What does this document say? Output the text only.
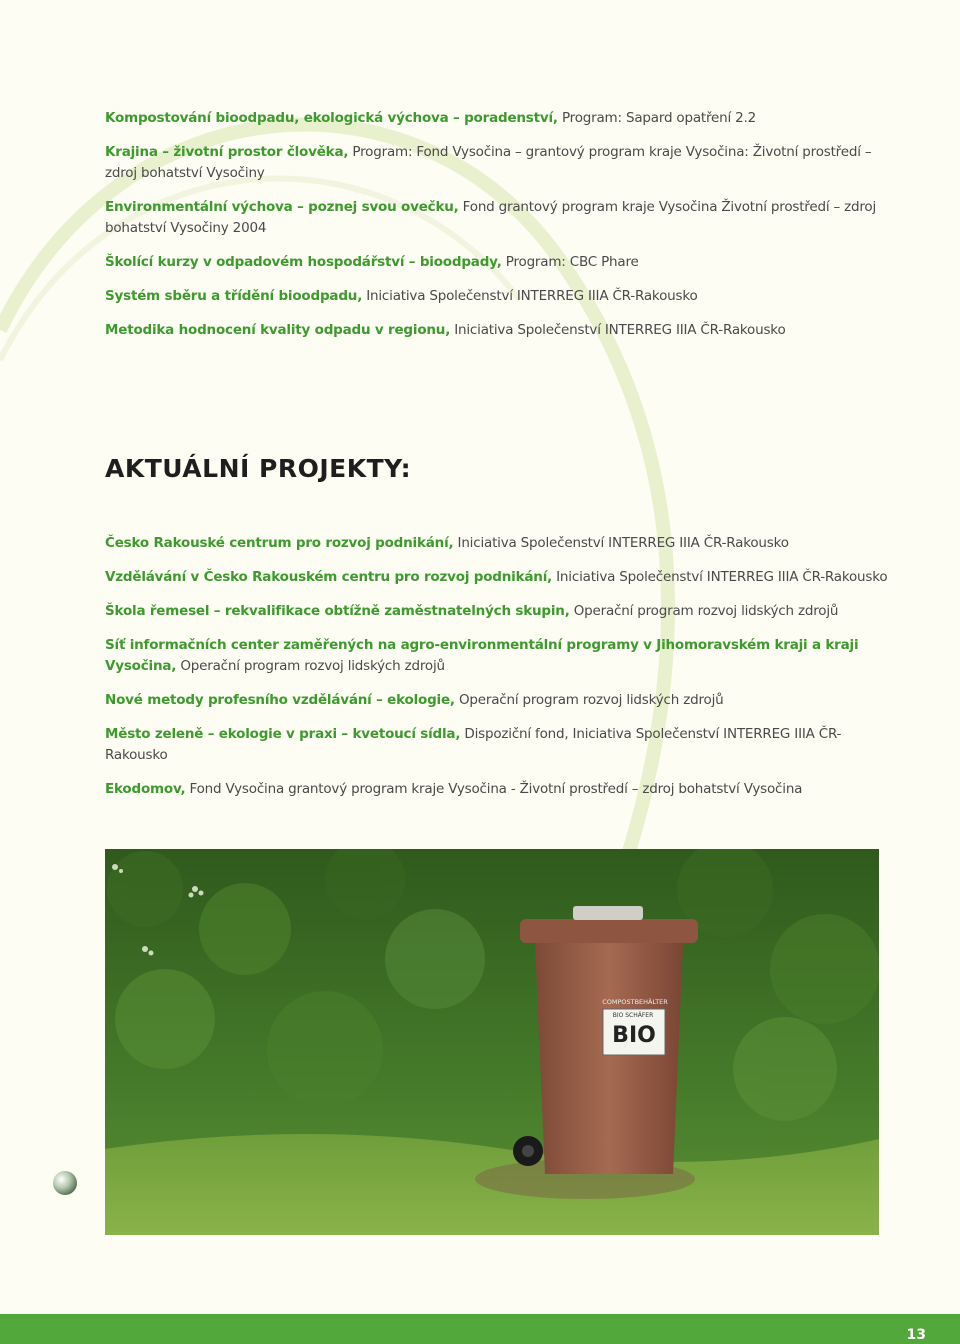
Kompostování bioodpadu, ekologická výchova – poradenství, Program: Sapard opatření 2.2

Krajina – životní prostor člověka, Program: Fond Vysočina – grantový program kraje Vysočina: Životní prostředí – zdroj bohatství Vysočiny

Environmentální výchova – poznej svou ovečku, Fond grantový program kraje Vysočina Životní prostředí – zdroj bohatství Vysočiny 2004

Školící kurzy v odpadovém hospodářství – bioodpady, Program: CBC Phare

Systém sběru a třídění bioodpadu, Iniciativa Společenství INTERREG IIIA ČR-Rakousko

Metodika hodnocení kvality odpadu v regionu, Iniciativa Společenství INTERREG IIIA ČR-Rakousko

AKTUÁLNÍ PROJEKTY:

Česko Rakouské centrum pro rozvoj podnikání, Iniciativa Společenství INTERREG IIIA ČR-Rakousko

Vzdělávání v Česko Rakouském centru pro rozvoj podnikání, Iniciativa Společenství INTERREG IIIA ČR-Rakousko

Škola řemesel – rekvalifikace obtížně zaměstnatelných skupin, Operační program rozvoj lidských zdrojů

Síť informačních center zaměřených na agro-environmentální programy v Jihomoravském kraji a kraji Vysočina, Operační program rozvoj lidských zdrojů

Nové metody profesního vzdělávání – ekologie, Operační program rozvoj lidských zdrojů

Město zeleně – ekologie v praxi – kvetoucí sídla, Dispoziční fond, Iniciativa Společenství INTERREG IIIA ČR-Rakousko

Ekodomov, Fond Vysočina grantový program kraje Vysočina - Životní prostředí – zdroj bohatství Vysočina

BIO
COMPOSTBEHÄLTER
BIO SCHÄFER
13
